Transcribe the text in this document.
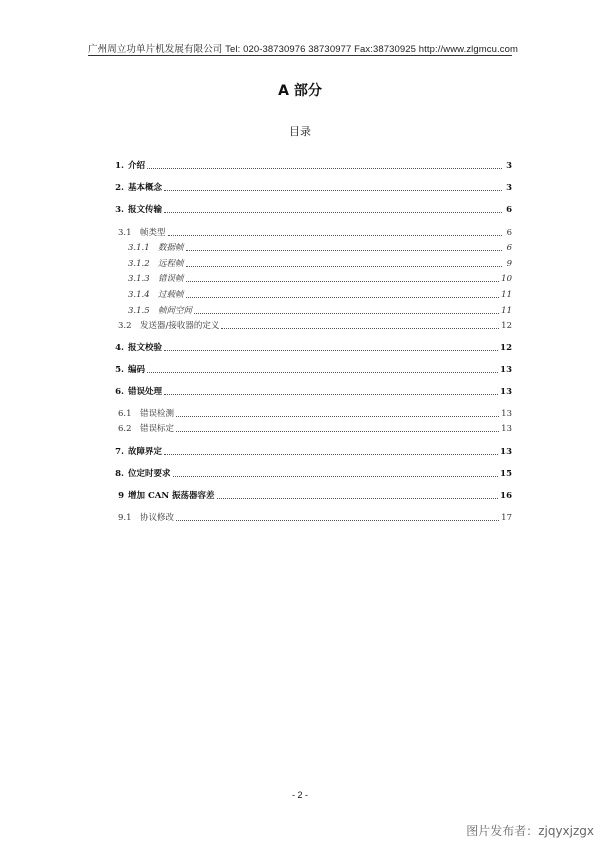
广州周立功单片机发展有限公司 Tel: 020-38730976 38730977 Fax:38730925 http://www.zlgmcu.com
A 部分
目录
1. 介绍	3
2. 基本概念	3
3. 报文传输	6
3.1 帧类型	6
3.1.1 数据帧	6
3.1.2 远程帧	9
3.1.3 错误帧	10
3.1.4 过载帧	11
3.1.5 帧间空间	11
3.2 发送器/接收器的定义	12
4. 报文校验	12
5. 编码	13
6. 错误处理	13
6.1 错误检测	13
6.2 错误标定	13
7. 故障界定	13
8. 位定时要求	15
9 增加 CAN 振荡器容差	16
9.1 协议修改	17
- 2 -
图片发布者：zjqyxjzgx
